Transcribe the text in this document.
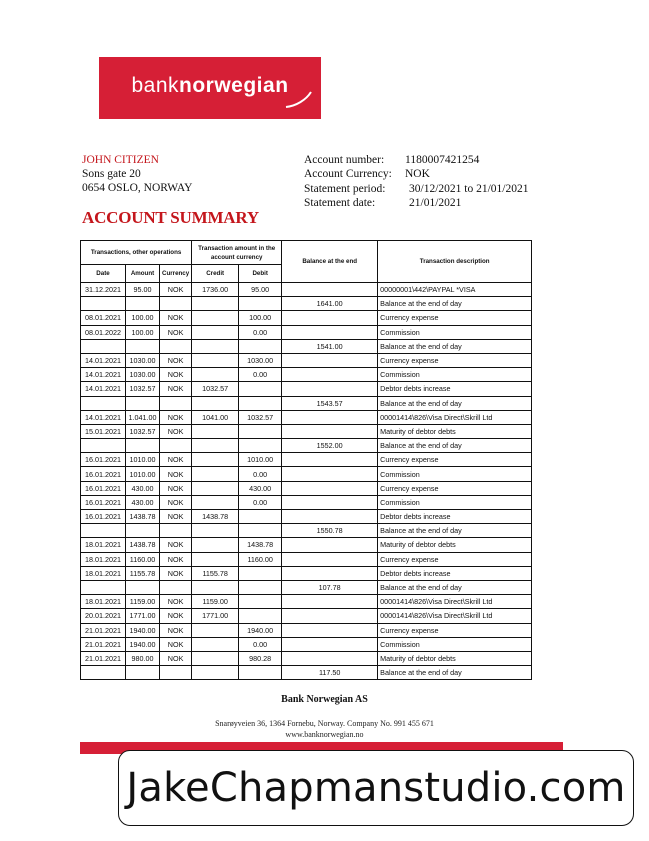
banknorwegian
JOHN CITIZEN
Sons gate 20
0654 OSLO, NORWAY
Account number:	1180007421254
Account Currency:	NOK
Statement period:	30/12/2021 to 21/01/2021
Statement date:	21/01/2021
ACCOUNT SUMMARY
Transactions, other operations			Transaction amount in the account currency		Balance at the end	Transaction description
Date	Amount	Currency	Credit	Debit		
31.12.2021	95.00	NOK	1736.00	95.00		00000001\442\PAYPAL *VISA
					1641.00	Balance at the end of day
08.01.2021	100.00	NOK		100.00		Currency expense
08.01.2022	100.00	NOK		0.00		Commission
					1541.00	Balance at the end of day
14.01.2021	1030.00	NOK		1030.00		Currency expense
14.01.2021	1030.00	NOK		0.00		Commission
14.01.2021	1032.57	NOK	1032.57			Debtor debts increase
					1543.57	Balance at the end of day
14.01.2021	1.041.00	NOK	1041.00	1032.57		00001414\826\Visa Direct\Skrill Ltd
15.01.2021	1032.57	NOK				Maturity of debtor debts
					1552.00	Balance at the end of day
16.01.2021	1010.00	NOK		1010.00		Currency expense
16.01.2021	1010.00	NOK		0.00		Commission
16.01.2021	430.00	NOK		430.00		Currency expense
16.01.2021	430.00	NOK		0.00		Commission
16.01.2021	1438.78	NOK	1438.78			Debtor debts increase
					1550.78	Balance at the end of day
18.01.2021	1438.78	NOK		1438.78		Maturity of debtor debts
18.01.2021	1160.00	NOK		1160.00		Currency expense
18.01.2021	1155.78	NOK	1155.78			Debtor debts increase
					107.78	Balance at the end of day
18.01.2021	1159.00	NOK	1159.00			00001414\826\Visa Direct\Skrill Ltd
20.01.2021	1771.00	NOK	1771.00			00001414\826\Visa Direct\Skrill Ltd
21.01.2021	1940.00	NOK		1940.00		Currency expense
21.01.2021	1940.00	NOK		0.00		Commission
21.01.2021	980.00	NOK		980.28		Maturity of debtor debts
					117.50	Balance at the end of day
Bank Norwegian AS
Snarøyveien 36, 1364 Fornebu, Norway. Company No. 991 455 671
www.banknorwegian.no
JakeChapmanstudio.com
